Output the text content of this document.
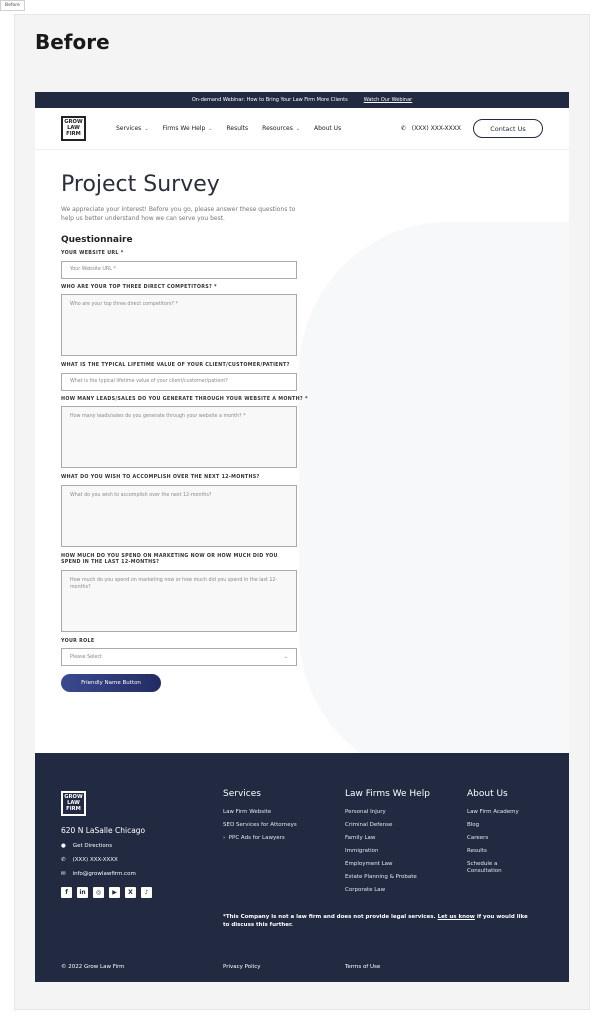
Before
Before
On-demand Webinar: How to Bring Your Law Firm More Clients	Watch Our Webinar
GROW
LAW
FIRM
Services ⌄ Firms We Help ⌄ Results Resources ⌄ About Us	✆ (XXX) XXX-XXXX	Contact Us
Project Survey

We appreciate your interest! Before you go, please answer these questions to help us better understand how we can serve you best.

Questionnaire
YOUR WEBSITE URL *
Your Website URL *
WHO ARE YOUR TOP THREE DIRECT COMPETITORS? *
Who are your top three direct competitors? *
WHAT IS THE TYPICAL LIFETIME VALUE OF YOUR CLIENT/CUSTOMER/PATIENT?
What is the typical lifetime value of your client/customer/patient?
HOW MANY LEADS/SALES DO YOU GENERATE THROUGH YOUR WEBSITE A MONTH? *
How many leads/sales do you generate through your website a month? *
WHAT DO YOU WISH TO ACCOMPLISH OVER THE NEXT 12-MONTHS?
What do you wish to accomplish over the next 12-months?
HOW MUCH DO YOU SPEND ON MARKETING NOW OR HOW MUCH DID YOU SPEND IN THE LAST 12-MONTHS?
How much do you spend on marketing now or how much did you spend in the last 12-months?
YOUR ROLE
Please Select	⌄
Friendly Name Button
GROW
LAW
FIRM
620 N LaSalle Chicago
● Get Directions
✆ (XXX) XXX-XXXX
✉ info@growlawfirm.com
f	in	◎	▶	X	♪
Services
Law Firm Website
SEO Services for Attorneys
›  PPC Ads for Lawyers
Law Firms We Help
Personal Injury
Criminal Defense
Family Law
Immigration
Employment Law
Estate Planning & Probate
Corporate Law
About Us
Law Firm Academy
Blog
Careers
Results
Schedule a Consultation
*This Company is not a law firm and does not provide legal services. Let us know if you would like to discuss this further.
© 2022 Grow Law Firm	Privacy Policy	Terms of Use
